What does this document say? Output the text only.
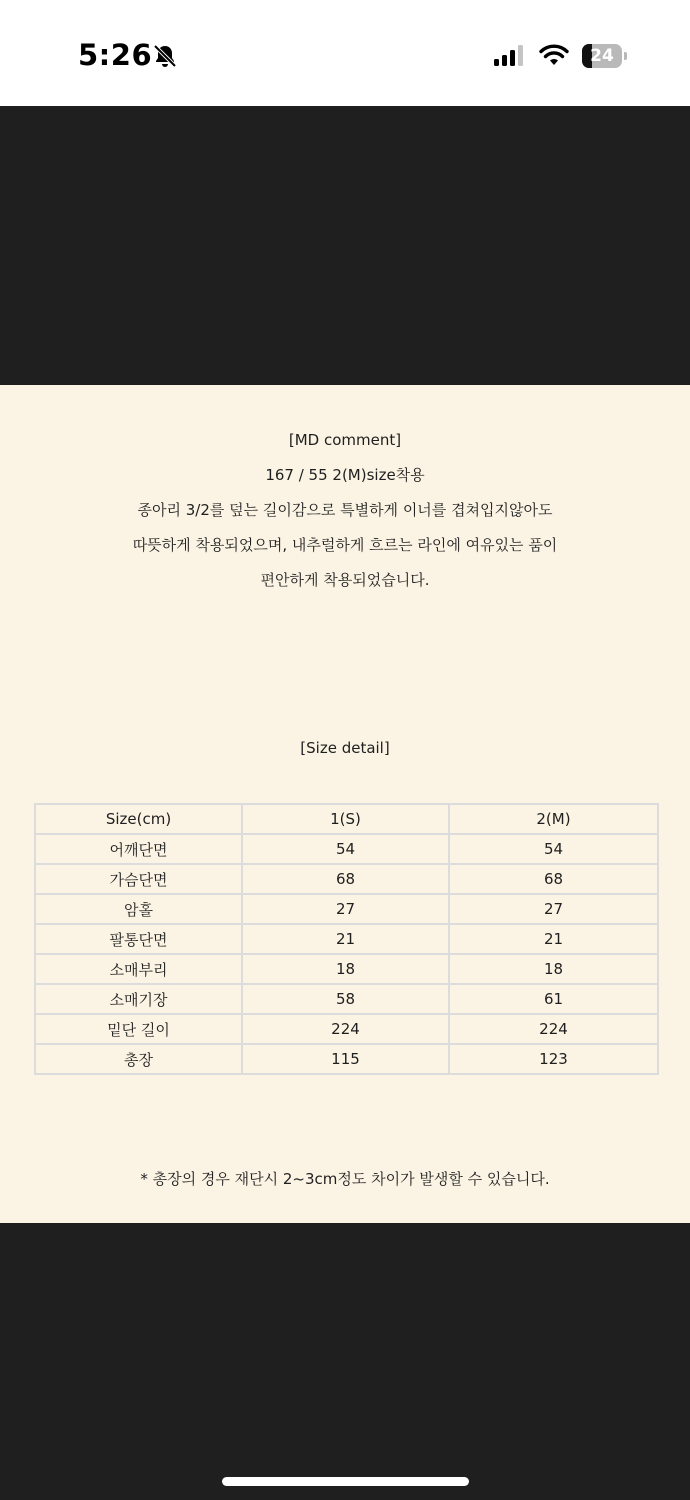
5:26	24
[MD comment]
167 / 55 2(M)size착용
종아리 3/2를 덮는 길이감으로 특별하게 이너를 겹쳐입지않아도
따뜻하게 착용되었으며, 내추럴하게 흐르는 라인에 여유있는 품이
편안하게 착용되었습니다.
[Size detail]
Size(cm)	1(S)	2(M)
어깨단면	54	54
가슴단면	68	68
암홀	27	27
팔통단면	21	21
소매부리	18	18
소매기장	58	61
밑단 길이	224	224
총장	115	123
* 총장의 경우 재단시 2~3cm정도 차이가 발생할 수 있습니다.
